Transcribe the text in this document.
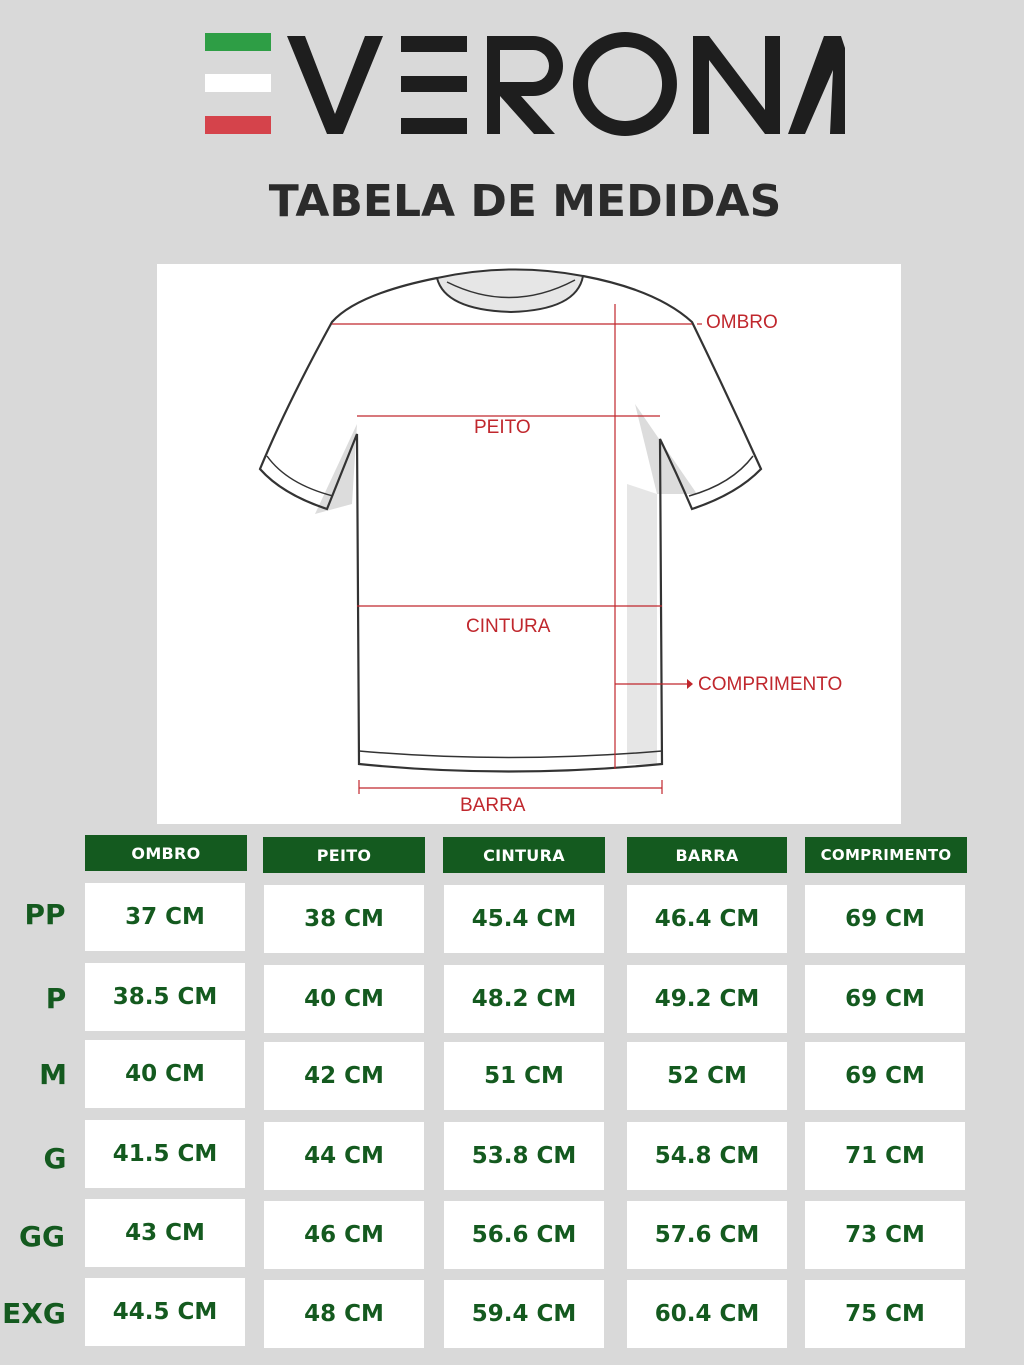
TABELA DE MEDIDAS
OMBRO
PEITO
CINTURA
COMPRIMENTO
BARRA
OMBRO	PEITO	CINTURA	BARRA	COMPRIMENTO
PP	37 CM	38 CM	45.4 CM	46.4 CM	69 CM
P	38.5 CM	40 CM	48.2 CM	49.2 CM	69 CM
M	40 CM	42 CM	51 CM	52 CM	69 CM
G	41.5 CM	44 CM	53.8 CM	54.8 CM	71 CM
GG	43 CM	46 CM	56.6 CM	57.6 CM	73 CM
EXG	44.5 CM	48 CM	59.4 CM	60.4 CM	75 CM
